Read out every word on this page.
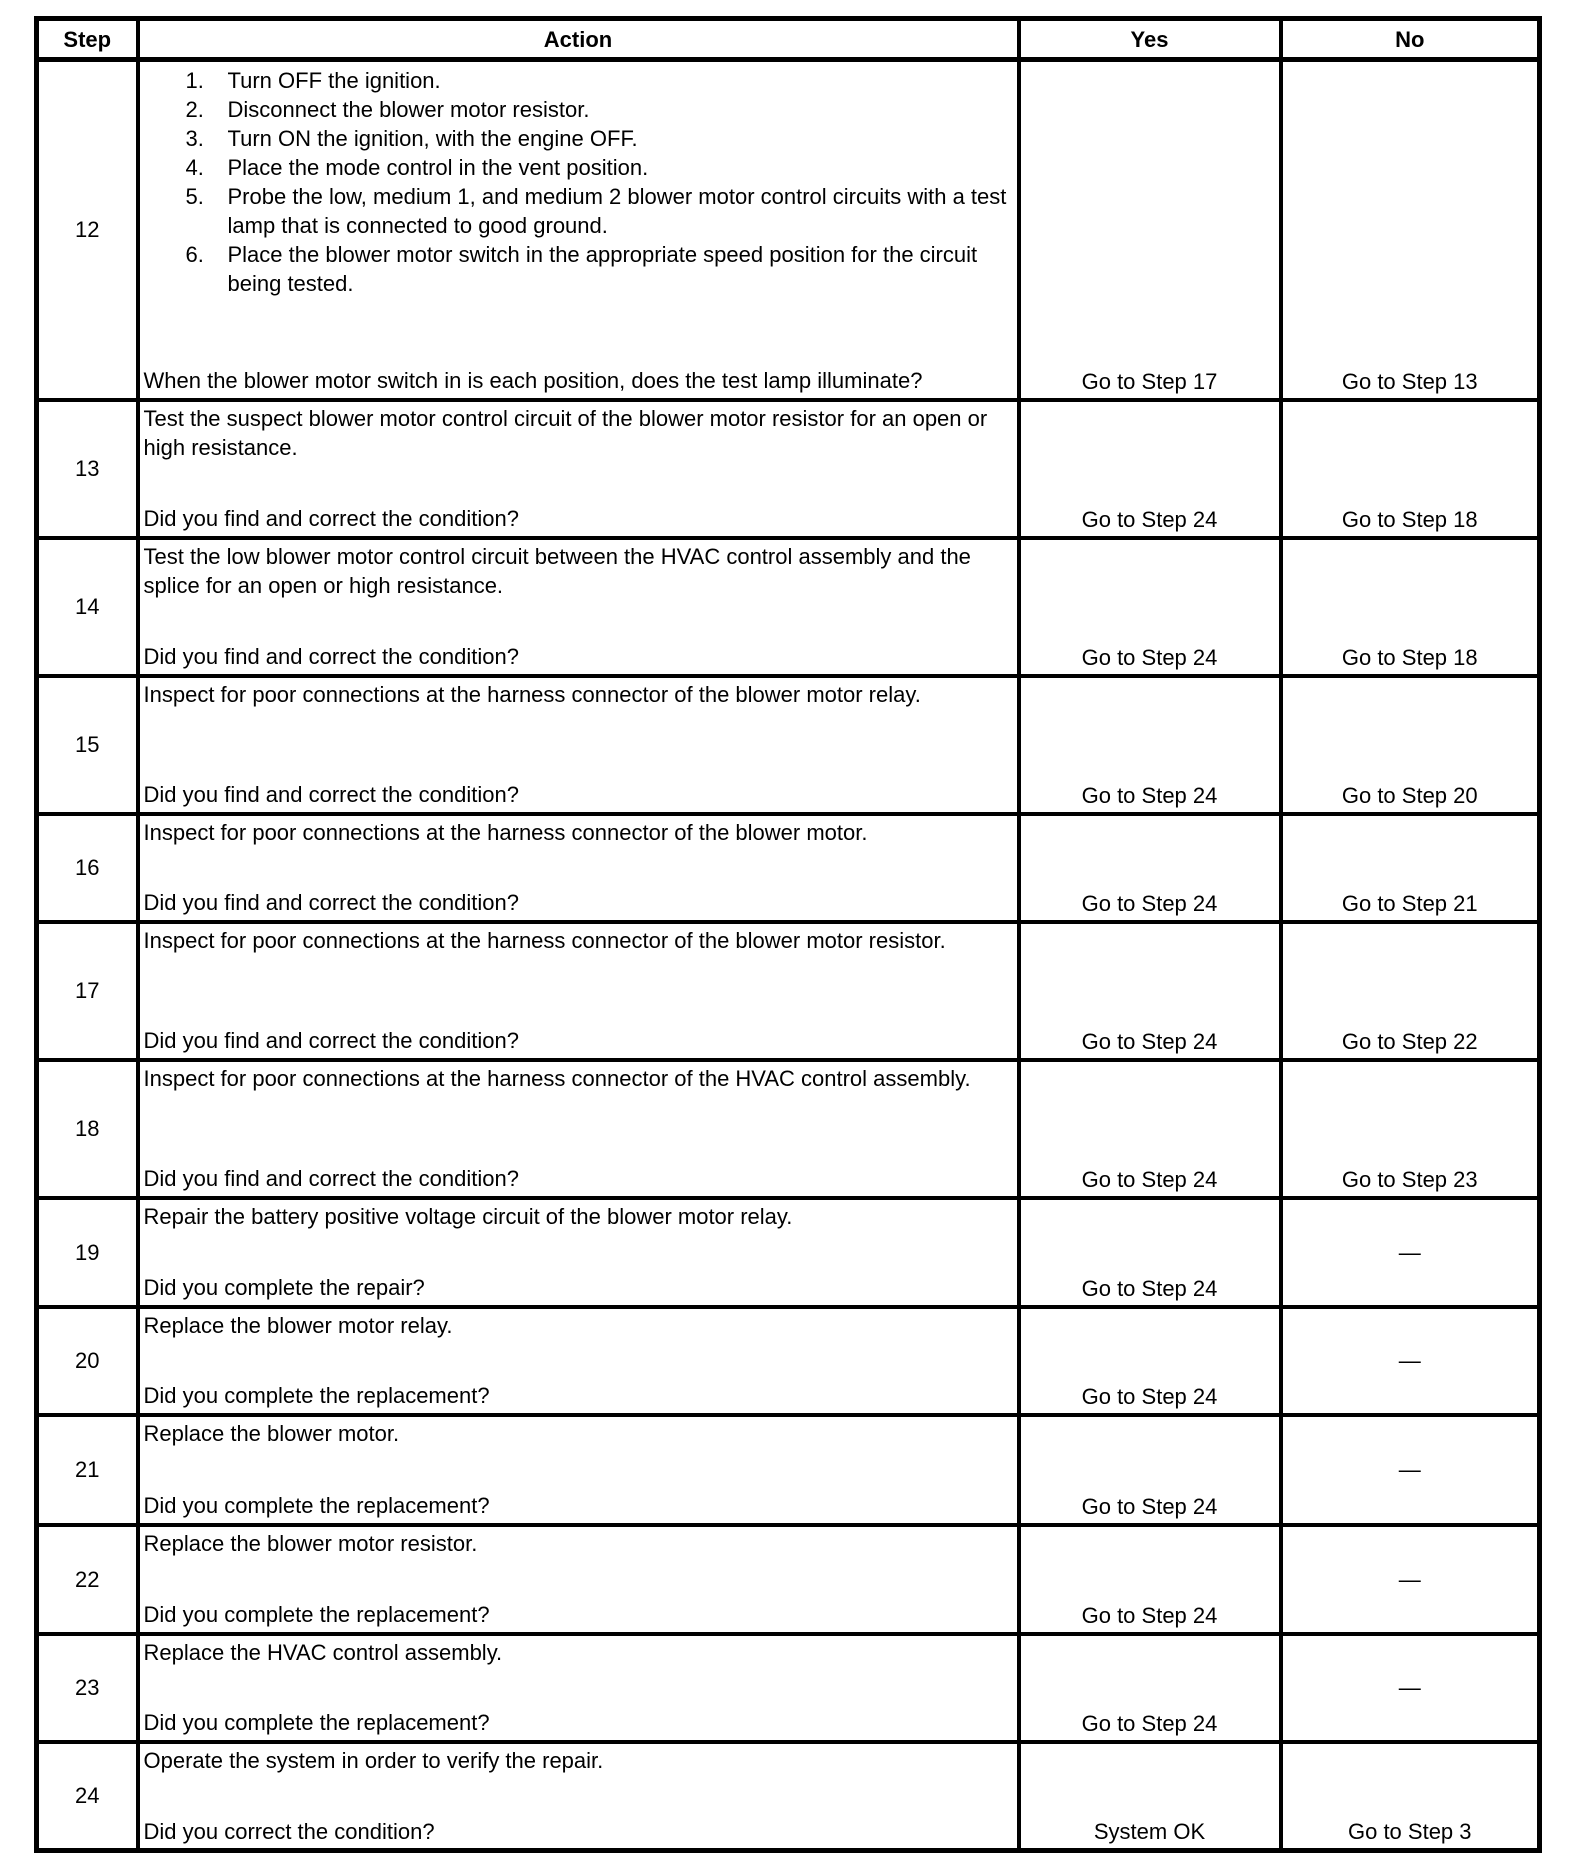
Step	Action	Yes	No
12	
1.	Turn OFF the ignition.
2.	Disconnect the blower motor resistor.
3.	Turn ON the ignition, with the engine OFF.
4.	Place the mode control in the vent position.
5.	Probe the low, medium 1, and medium 2 blower motor control circuits with a test lamp that is connected to good ground.
6.	Place the blower motor switch in the appropriate speed position for the circuit being tested.

When the blower motor switch in is each position, does the test lamp illuminate?	Go to Step 17	Go to Step 13
13	Test the suspect blower motor control circuit of the blower motor resistor for an open or high resistance.

Did you find and correct the condition?	Go to Step 24	Go to Step 18
14	Test the low blower motor control circuit between the HVAC control assembly and the splice for an open or high resistance.

Did you find and correct the condition?	Go to Step 24	Go to Step 18
15	Inspect for poor connections at the harness connector of the blower motor relay.

Did you find and correct the condition?	Go to Step 24	Go to Step 20
16	Inspect for poor connections at the harness connector of the blower motor.

Did you find and correct the condition?	Go to Step 24	Go to Step 21
17	Inspect for poor connections at the harness connector of the blower motor resistor.

Did you find and correct the condition?	Go to Step 24	Go to Step 22
18	Inspect for poor connections at the harness connector of the HVAC control assembly.

Did you find and correct the condition?	Go to Step 24	Go to Step 23
19	Repair the battery positive voltage circuit of the blower motor relay.

Did you complete the repair?	Go to Step 24	—
20	Replace the blower motor relay.

Did you complete the replacement?	Go to Step 24	—
21	Replace the blower motor.

Did you complete the replacement?	Go to Step 24	—
22	Replace the blower motor resistor.

Did you complete the replacement?	Go to Step 24	—
23	Replace the HVAC control assembly.

Did you complete the replacement?	Go to Step 24	—
24	Operate the system in order to verify the repair.

Did you correct the condition?	System OK	Go to Step 3
